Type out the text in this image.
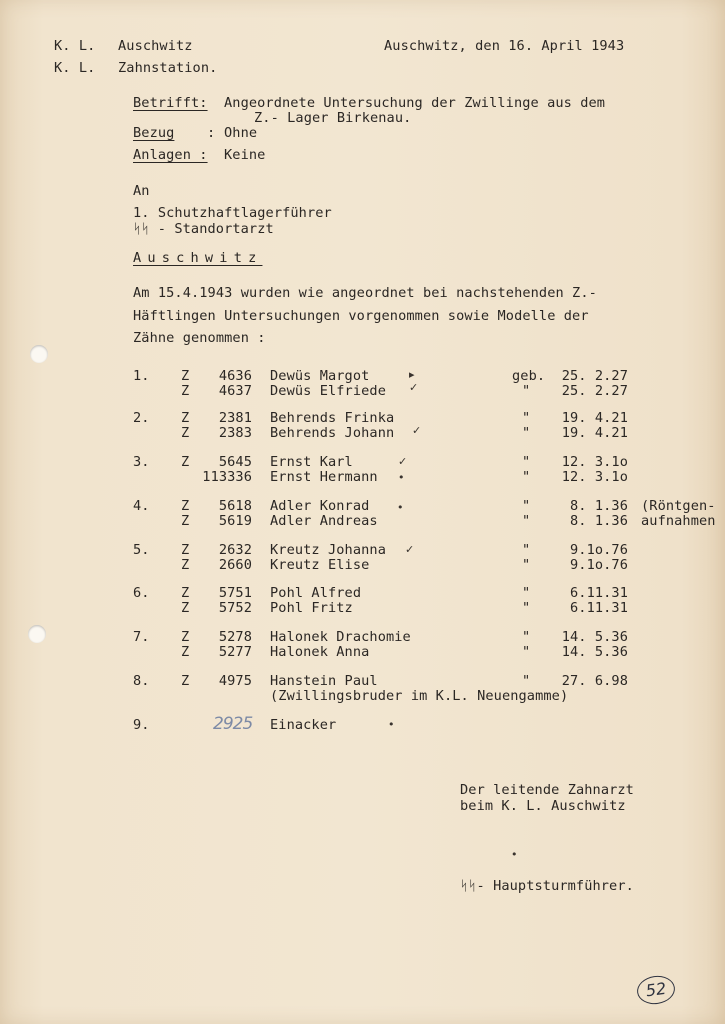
K. L. Auschwitz
K. L. Zahnstation.
Auschwitz, den 16. April 1943
Betrifft: Angeordnete Untersuchung der Zwillinge aus dem
Z.- Lager Birkenau.
Bezug : Ohne
Anlagen : Keine
An
1. Schutzhaftlagerführer
ᛋᛋ - Standortarzt
Auschwitz
Am 15.4.1943 wurden wie angeordnet bei nachstehenden Z.-
Häftlingen Untersuchungen vorgenommen sowie Modelle der
Zähne genommen :
1. Z 4636 Dewüs Margot	geb. 25. 2.27
Z 4637 Dewüs Elfriede	" 25. 2.27
2. Z 2381 Behrends Frinka	" 19. 4.21
Z 2383 Behrends Johann	" 19. 4.21
3. Z 5645 Ernst Karl	" 12. 3.1o
113336 Ernst Hermann	" 12. 3.1o
4. Z 5618 Adler Konrad	"	8. 1.36 (Röntgen-
Z 5619 Adler Andreas	"	8. 1.36 aufnahmen
5. Z 2632 Kreutz Johanna	"	9.1o.76
Z 2660 Kreutz Elise	"	9.1o.76
6. Z 5751 Pohl Alfred	"	6.11.31
Z 5752 Pohl Fritz	"	6.11.31
7. Z 5278 Halonek Drachomie	" 14. 5.36
Z 5277 Halonek Anna	" 14. 5.36
8. Z 4975 Hanstein Paul	" 27. 6.98
(Zwillingsbruder im K.L. Neuengamme)
9.	2925 Einacker
▸
✓
✓
✓
•
•
✓
•
Der leitende Zahnarzt
beim K. L. Auschwitz
•
ᛋᛋ- Hauptsturmführer.
52
